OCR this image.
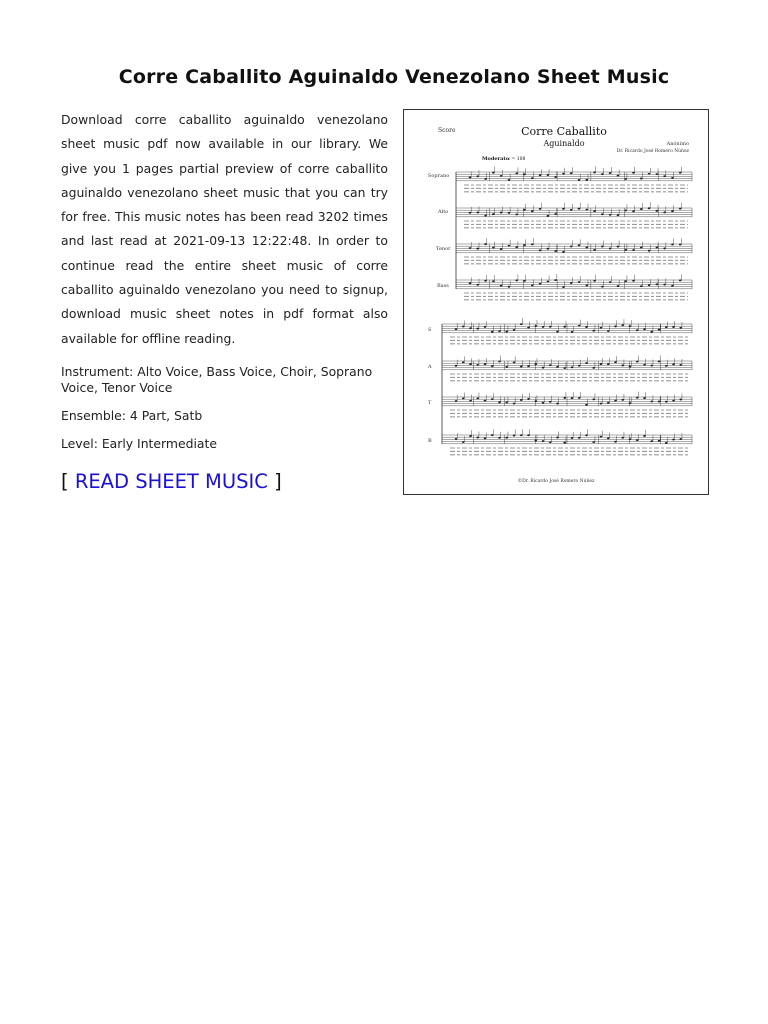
Corre Caballito Aguinaldo Venezolano Sheet Music

Download corre caballito aguinaldo venezolano sheet music pdf now available in our library. We give you 1 pages partial preview of corre caballito aguinaldo venezolano sheet music that you can try for free. This music notes has been read 3202 times and last read at 2021-09-13 12:22:48. In order to continue read the entire sheet music of corre caballito aguinaldo venezolano you need to signup, download music sheet notes in pdf format also available for offline reading.

Instrument: Alto Voice, Bass Voice, Choir, Soprano Voice, Tenor Voice

Ensemble: 4 Part, Satb

Level: Early Intermediate

[ READ SHEET MUSIC ]

Score	Corre Caballito
Aguinaldo	Anónimo
Dr. Ricardo José Romero Núñez
Moderato
♩ = 108
Soprano
Alto
Tenor
Bass
S
A
T
B
©Dr. Ricardo José Romero Núñez
